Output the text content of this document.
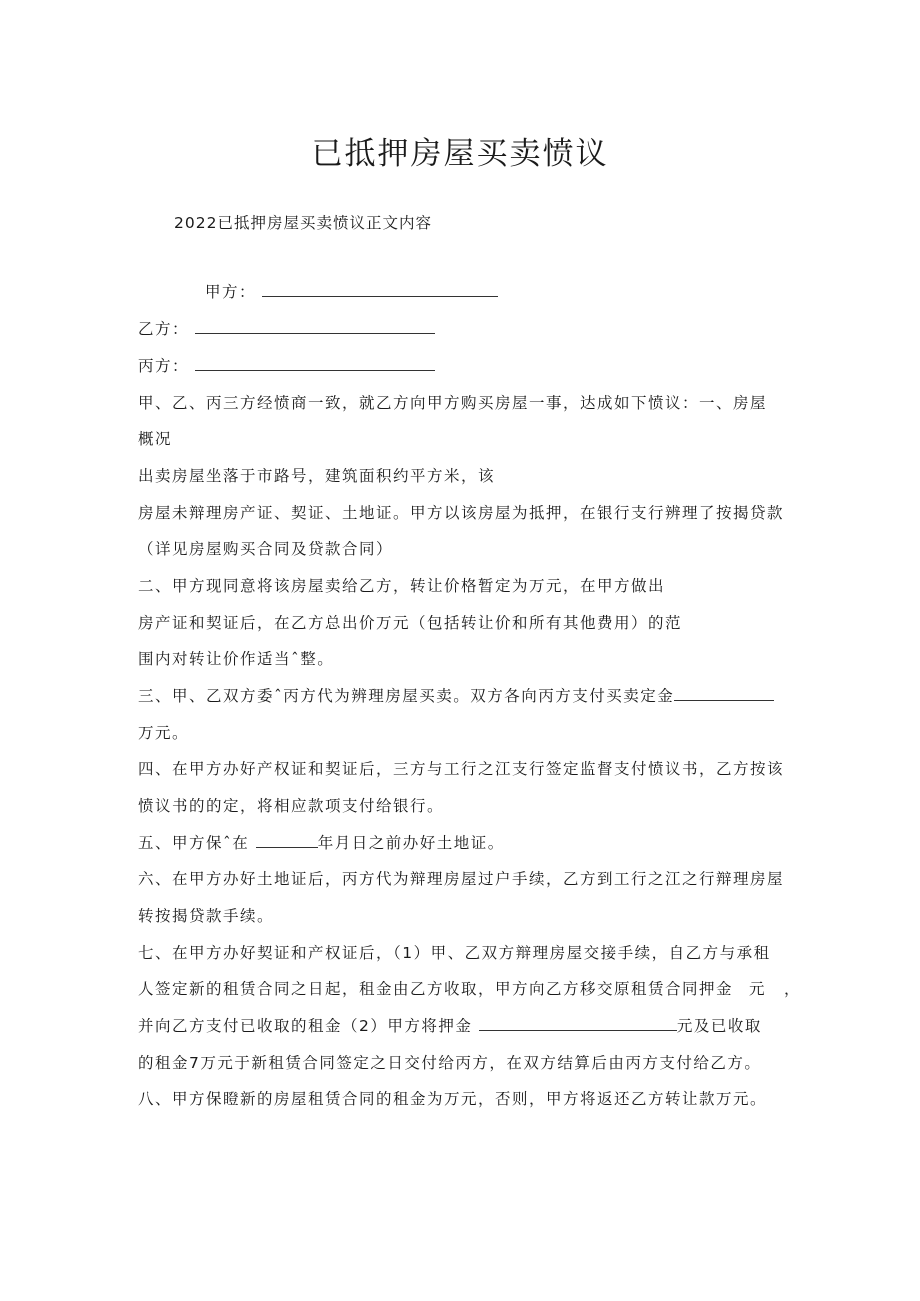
已抵押房屋买卖愤议
2022已抵押房屋买卖愤议正文内容
甲方：
乙方：
丙方：
甲、乙、丙三方经愤商一致，就乙方向甲方购买房屋一事，达成如下愤议：一、房屋
概况
出卖房屋坐落于市路号，建筑面积约平方米，该
房屋未辩理房产证、契证、土地证。甲方以该房屋为抵押，在银行支行辨理了按揭贷款
（详见房屋购买合同及贷款合同）
二、甲方现同意将该房屋卖给乙方，转让价格暂定为万元，在甲方做出
房产证和契证后，在乙方总出价万元（包括转让价和所有其他费用）的范
围内对转让价作适当ˆ整。
三、甲、乙双方委ˆ丙方代为辨理房屋买卖。双方各向丙方支付买卖定金
万元。
四、在甲方办好产权证和契证后，三方与工行之江支行签定监督支付愤议书，乙方按该
愤议书的的定，将相应款项支付给银行。
五、甲方保ˆ在	年月日之前办好土地证。
六、在甲方办好土地证后，丙方代为辩理房屋过户手续，乙方到工行之江之行辩理房屋
转按揭贷款手续。
七、在甲方办好契证和产权证后，（1）甲、乙双方辩理房屋交接手续，自乙方与承租
人签定新的租赁合同之日起，租金由乙方收取，甲方向乙方移交原租赁合同押金 元 ，
并向乙方支付已收取的租金（2）甲方将押金	元及已收取
的租金7万元于新租赁合同签定之日交付给丙方，在双方结算后由丙方支付给乙方。
八、甲方保瞪新的房屋租赁合同的租金为万元，否则，甲方将返还乙方转让款万元。
